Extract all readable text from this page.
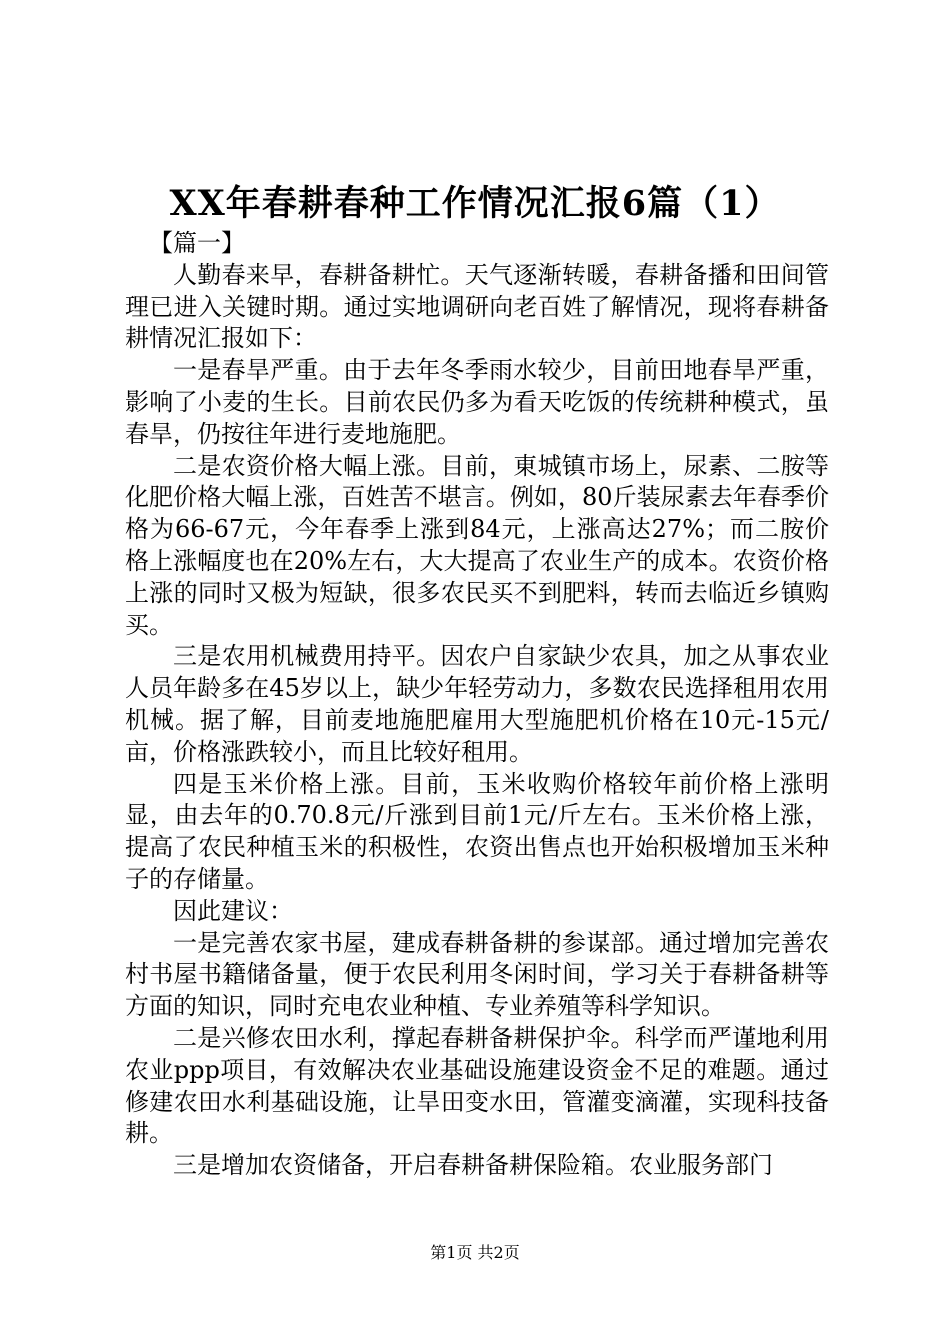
XX年春耕春种工作情况汇报6篇（1）

【篇一】

人勤春来早，春耕备耕忙。天气逐渐转暖，春耕备播和田间管理已进入关键时期。通过实地调研向老百姓了解情况，现将春耕备耕情况汇报如下：

一是春旱严重。由于去年冬季雨水较少，目前田地春旱严重，影响了小麦的生长。目前农民仍多为看天吃饭的传统耕种模式，虽春旱，仍按往年进行麦地施肥。

二是农资价格大幅上涨。目前，東城镇市场上，尿素、二胺等化肥价格大幅上涨，百姓苦不堪言。例如，80斤装尿素去年春季价格为66-67元，今年春季上涨到84元，上涨高达27%；而二胺价格上涨幅度也在20%左右，大大提高了农业生产的成本。农资价格上涨的同时又极为短缺，很多农民买不到肥料，转而去临近乡镇购买。

三是农用机械费用持平。因农户自家缺少农具，加之从事农业人员年龄多在45岁以上，缺少年轻劳动力，多数农民选择租用农用机械。据了解，目前麦地施肥雇用大型施肥机价格在10元-15元/亩，价格涨跌较小，而且比较好租用。

四是玉米价格上涨。目前，玉米收购价格较年前价格上涨明显，由去年的0.70.8元/斤涨到目前1元/斤左右。玉米价格上涨，提高了农民种植玉米的积极性，农资出售点也开始积极增加玉米种子的存储量。

因此建议：

一是完善农家书屋，建成春耕备耕的参谋部。通过增加完善农村书屋书籍储备量，便于农民利用冬闲时间，学习关于春耕备耕等方面的知识，同时充电农业种植、专业养殖等科学知识。

二是兴修农田水利，撑起春耕备耕保护伞。科学而严谨地利用农业ppp项目，有效解决农业基础设施建设资金不足的难题。通过修建农田水利基础设施，让旱田变水田，管灌变滴灌，实现科技备耕。

三是增加农资储备，开启春耕备耕保险箱。农业服务部门

第1页 共2页
